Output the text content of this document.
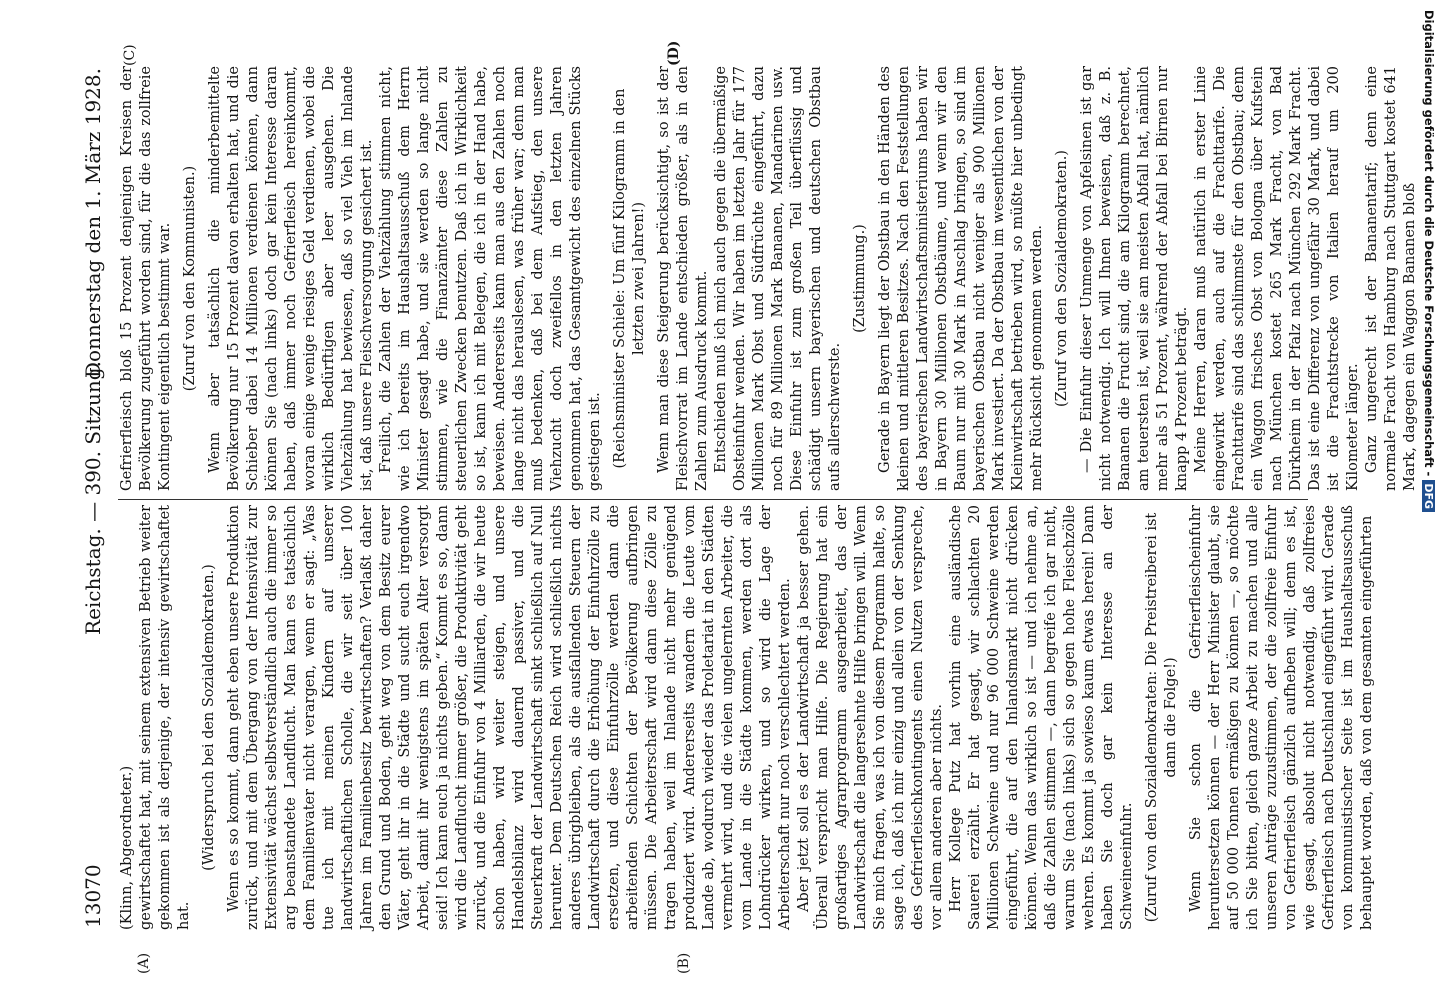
13070
Reichstag. — 390. Sitzung.
Donnerstag den 1. März 1928.
(A)	(B)
(C)	(D)

(Klinn, Abgeordneter.) gewirtschaftet hat, mit seinem extensiven Betrieb weiter gekommen ist als derjenige, der intensiv gewirtschaftet hat.

(Widerspruch bei den Sozialdemokraten.) Wenn es so kommt, dann geht eben unsere Produktion zurück, und mit dem Übergang von der Intensivität zur Extensivität wächst selbstverständlich auch die immer so arg beanstandete Landflucht. Man kann es tatsächlich dem Familienvater nicht verargen, wenn er sagt: „Was tue ich mit meinen Kindern auf unserer landwirtschaftlichen Scholle, die wir seit über 100 Jahren im Familienbesitz bewirtschaften? Verlaßt daher den Grund und Boden, geht weg von dem Besitz eurer Väter, geht ihr in die Städte und sucht euch irgendwo Arbeit, damit ihr wenigstens im späten Alter versorgt seid! Ich kann euch ja nichts geben.“ Kommt es so, dann wird die Landflucht immer größer, die Produktivität geht zurück, und die Einfuhr von 4 Milliarden, die wir heute schon haben, wird weiter steigen, und unsere Handelsbilanz wird dauernd passiver, und die Steuerkraft der Landwirtschaft sinkt schließlich auf Null herunter. Dem Deutschen Reich wird schließlich nichts anderes übrigbleiben, als die ausfallenden Steuern der Landwirtschaft durch die Erhöhung der Einfuhrzölle zu ersetzen, und diese Einfuhrzölle werden dann die arbeitenden Schichten der Bevölkerung aufbringen müssen. Die Arbeiterschaft wird dann diese Zölle zu tragen haben, weil im Inlande nicht mehr genügend produziert wird. Andererseits wandern die Leute vom Lande ab, wodurch wieder das Proletariat in den Städten vermehrt wird, und die vielen ungelernten Arbeiter, die vom Lande in die Städte kommen, werden dort als Lohndrücker wirken, und so wird die Lage der Arbeiterschaft nur noch verschlechtert werden. Aber jetzt soll es der Landwirtschaft ja besser gehen. Überall verspricht man Hilfe. Die Regierung hat ein großartiges Agrarprogramm ausgearbeitet, das der Landwirtschaft die langersehnte Hilfe bringen will. Wenn Sie mich fragen, was ich von diesem Programm halte, so sage ich, daß ich mir einzig und allein von der Senkung des Gefrierfleischkontingents einen Nutzen verspreche, vor allem anderen aber nichts. Herr Kollege Putz hat vorhin eine ausländische Sauerei erzählt. Er hat gesagt, wir schlachten 20 Millionen Schweine und nur 96 000 Schweine werden eingeführt, die auf den Inlandsmarkt nicht drücken können. Wenn das wirklich so ist — und ich nehme an, daß die Zahlen stimmen —, dann begreife ich gar nicht, warum Sie (nach links) sich so gegen hohe Fleischzölle wehren. Es kommt ja sowieso kaum etwas herein! Dann haben Sie doch gar kein Interesse an der Schweineeinfuhr. (Zuruf von den Sozialdemokraten: Die Preistreiberei ist dann die Folge!) Wenn Sie schon die Gefrierfleischeinfuhr heruntersetzen können — der Herr Minister glaubt, sie auf 50 000 Tonnen ermäßigen zu können —, so möchte ich Sie bitten, gleich ganze Arbeit zu machen und alle unseren Anträge zuzustimmen, der die zollfreie Einfuhr von Gefrierfleisch gänzlich aufheben will; denn es ist, wie gesagt, absolut nicht notwendig, daß zollfreies Gefrierfleisch nach Deutschland eingeführt wird. Gerade von kommunistischer Seite ist im Haushaltsausschuß behauptet worden, daß von dem gesamten eingeführten

Gefrierfleisch bloß 15 Prozent denjenigen Kreisen der Bevölkerung zugeführt worden sind, für die das zollfreie Kontingent eigentlich bestimmt war. (Zuruf von den Kommunisten.) Wenn aber tatsächlich die minderbemittelte Bevölkerung nur 15 Prozent davon erhalten hat, und die Schieber dabei 14 Millionen verdienen können, dann können Sie (nach links) doch gar kein Interesse daran haben, daß immer noch Gefrierfleisch hereinkommt, woran einige wenige riesiges Geld verdienen, wobei die wirklich Bedürftigen aber leer ausgehen. Die Viehzählung hat bewiesen, daß so viel Vieh im Inlande ist, daß unsere Fleischversorgung gesichert ist. Freilich, die Zahlen der Viehzählung stimmen nicht, wie ich bereits im Haushaltsausschuß dem Herrn Minister gesagt habe, und sie werden so lange nicht stimmen, wie die Finanzämter diese Zahlen zu steuerlichen Zwecken benutzen. Daß ich in Wirklichkeit so ist, kann ich mit Belegen, die ich in der Hand habe, beweisen. Andererseits kann man aus den Zahlen noch lange nicht das herauslesen, was früher war; denn man muß bedenken, daß bei dem Aufstieg, den unsere Viehzucht doch zweifellos in den letzten Jahren genommen hat, das Gesamtgewicht des einzelnen Stücks gestiegen ist. (Reichsminister Schiele: Um fünf Kilogramm in den letzten zwei Jahren!) Wenn man diese Steigerung berücksichtigt, so ist der Fleischvorrat im Lande entschieden größer, als in den Zahlen zum Ausdruck kommt. Entschieden muß ich mich auch gegen die übermäßige Obsteinfuhr wenden. Wir haben im letzten Jahr für 177 Millionen Mark Obst und Südfrüchte eingeführt, dazu noch für 89 Millionen Mark Bananen, Mandarinen usw. Diese Einfuhr ist zum großen Teil überflüssig und schädigt unsern bayerischen und deutschen Obstbau aufs allerschwerste.

(Zustimmung.) Gerade in Bayern liegt der Obstbau in den Händen des kleinen und mittleren Besitzes. Nach den Feststellungen des bayerischen Landwirtschaftsministeriums haben wir in Bayern 30 Millionen Obstbäume, und wenn wir den Baum nur mit 30 Mark in Anschlag bringen, so sind im bayerischen Obstbau nicht weniger als 900 Millionen Mark investiert. Da der Obstbau im wesentlichen von der Kleinwirtschaft betrieben wird, so müßte hier unbedingt mehr Rücksicht genommen werden. (Zuruf von den Sozialdemokraten.) — Die Einfuhr dieser Unmenge von Apfelsinen ist gar nicht notwendig. Ich will Ihnen beweisen, daß z. B. Bananen die Frucht sind, die am Kilogramm berechnet, am teuersten ist, weil sie am meisten Abfall hat, nämlich mehr als 51 Prozent, während der Abfall bei Birnen nur knapp 4 Prozent beträgt. Meine Herren, daran muß natürlich in erster Linie eingewirkt werden, auch auf die Frachttarife. Die Frachttarife sind das schlimmste für den Obstbau; denn ein Waggon frisches Obst von Bologna über Kufstein nach München kostet 265 Mark Fracht, von Bad Dürkheim in der Pfalz nach München 292 Mark Fracht. Das ist eine Differenz von ungefähr 30 Mark, und dabei ist die Frachtstrecke von Italien herauf um 200 Kilometer länger. Ganz ungerecht ist der Bananentarif; denn eine normale Fracht von Hamburg nach Stuttgart kostet 641 Mark, dagegen ein Waggon Bananen bloß Digitalisierung gefördert durch die Deutsche Forschungsgemeinschaft -DFG
